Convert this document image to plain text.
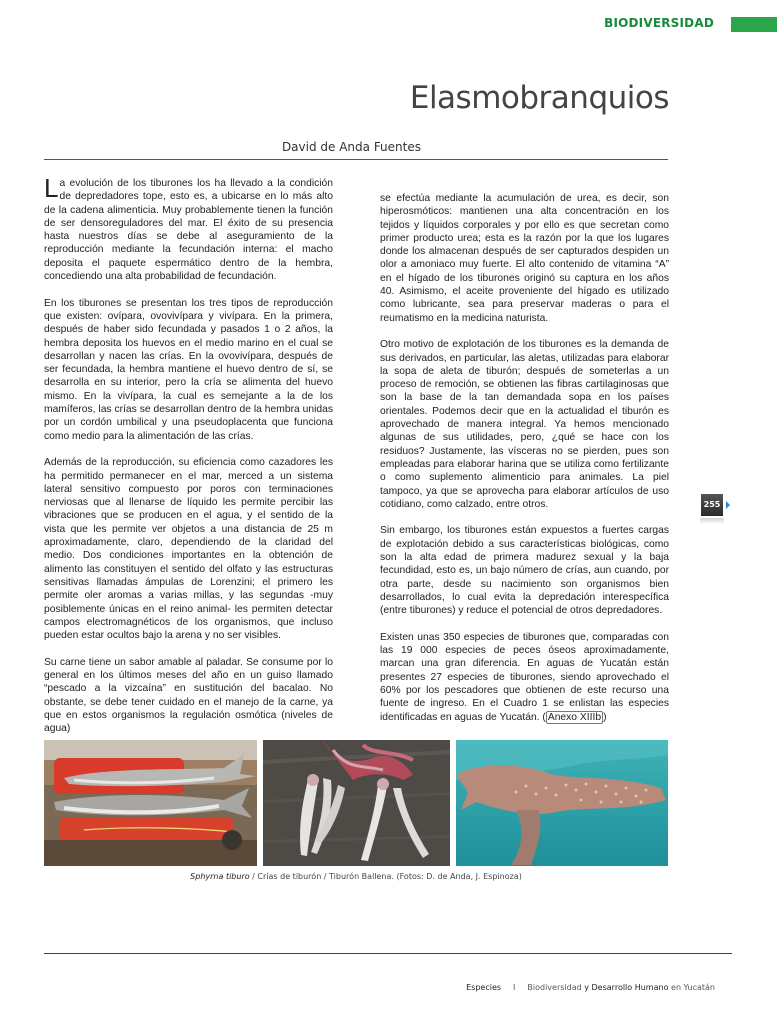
BIODIVERSIDAD
Elasmobranquios
David de Anda Fuentes

La evolución de los tiburones los ha llevado a la condición de depredadores tope, esto es, a ubicarse en lo más alto de la cadena alimenticia. Muy probablemente tienen la función de ser densoreguladores del mar. El éxito de su presencia hasta nuestros días se debe al aseguramiento de la reproducción mediante la fecundación interna: el macho deposita el paquete espermático dentro de la hembra, concediendo una alta probabilidad de fecundación.

En los tiburones se presentan los tres tipos de reproducción que existen: ovípara, ovovivípara y vivípara. En la primera, después de haber sido fecundada y pasados 1 o 2 años, la hembra deposita los huevos en el medio marino en el cual se desarrollan y nacen las crías. En la ovovivípara, después de ser fecundada, la hembra mantiene el huevo dentro de sí, se desarrolla en su interior, pero la cría se alimenta del huevo mismo. En la vivípara, la cual es semejante a la de los mamíferos, las crías se desarrollan dentro de la hembra unidas por un cordón umbilical y una pseudoplacenta que funciona como medio para la alimentación de las crías.

Además de la reproducción, su eficiencia como cazadores les ha permitido permanecer en el mar, merced a un sistema lateral sensitivo compuesto por poros con terminaciones nerviosas que al llenarse de líquido les permite percibir las vibraciones que se producen en el agua, y el sentido de la vista que les permite ver objetos a una distancia de 25 m aproximadamente, claro, dependiendo de la claridad del medio. Dos condiciones importantes en la obtención de alimento las constituyen el sentido del olfato y las estructuras sensitivas llamadas ámpulas de Lorenzini; el primero les permite oler aromas a varias millas, y las segundas -muy posiblemente únicas en el reino animal- les permiten detectar campos electromagnéticos de los organismos, que incluso pueden estar ocultos bajo la arena y no ser visibles.

Su carne tiene un sabor amable al paladar. Se consume por lo general en los últimos meses del año en un guiso llamado “pescado a la vizcaína” en sustitución del bacalao. No obstante, se debe tener cuidado en el manejo de la carne, ya que en estos organismos la regulación osmótica (niveles de agua)

se efectúa mediante la acumulación de urea, es decir, son hiperosmóticos: mantienen una alta concentración en los tejidos y líquidos corporales y por ello es que secretan como primer producto urea; esta es la razón por la que los lugares donde los almacenan después de ser capturados despiden un olor a amoniaco muy fuerte. El alto contenido de vitamina “A” en el hígado de los tiburones originó su captura en los años 40. Asimismo, el aceite proveniente del hígado es utilizado como lubricante, sea para preservar maderas o para el reumatismo en la medicina naturista.

Otro motivo de explotación de los tiburones es la demanda de sus derivados, en particular, las aletas, utilizadas para elaborar la sopa de aleta de tiburón; después de someterlas a un proceso de remoción, se obtienen las fibras cartilaginosas que son la base de la tan demandada sopa en los países orientales. Podemos decir que en la actualidad el tiburón es aprovechado de manera integral. Ya hemos mencionado algunas de sus utilidades, pero, ¿qué se hace con los residuos? Justamente, las vísceras no se pierden, pues son empleadas para elaborar harina que se utiliza como fertilizante o como suplemento alimenticio para animales. La piel tampoco, ya que se aprovecha para elaborar artículos de uso cotidiano, como calzado, entre otros.

Sin embargo, los tiburones están expuestos a fuertes cargas de explotación debido a sus características biológicas, como son la alta edad de primera madurez sexual y la baja fecundidad, esto es, un bajo número de crías, aun cuando, por otra parte, desde su nacimiento son organismos bien desarrollados, lo cual evita la depredación interespecífica (entre tiburones) y reduce el potencial de otros depredadores.

Existen unas 350 especies de tiburones que, comparadas con las 19 000 especies de peces óseos aproximadamente, marcan una gran diferencia. En aguas de Yucatán están presentes 27 especies de tiburones, siendo aprovechado el 60% por los pescadores que obtienen de este recurso una fuente de ingreso. En el Cuadro 1 se enlistan las especies identificadas en aguas de Yucatán. ( Anexo XIIIb )

255
Sphyrna tiburo / Crías de tiburón / Tiburón Ballena. (Fotos: D. de Anda, J. Espinoza)
Especies I Biodiversidad y Desarrollo Humano en Yucatán
